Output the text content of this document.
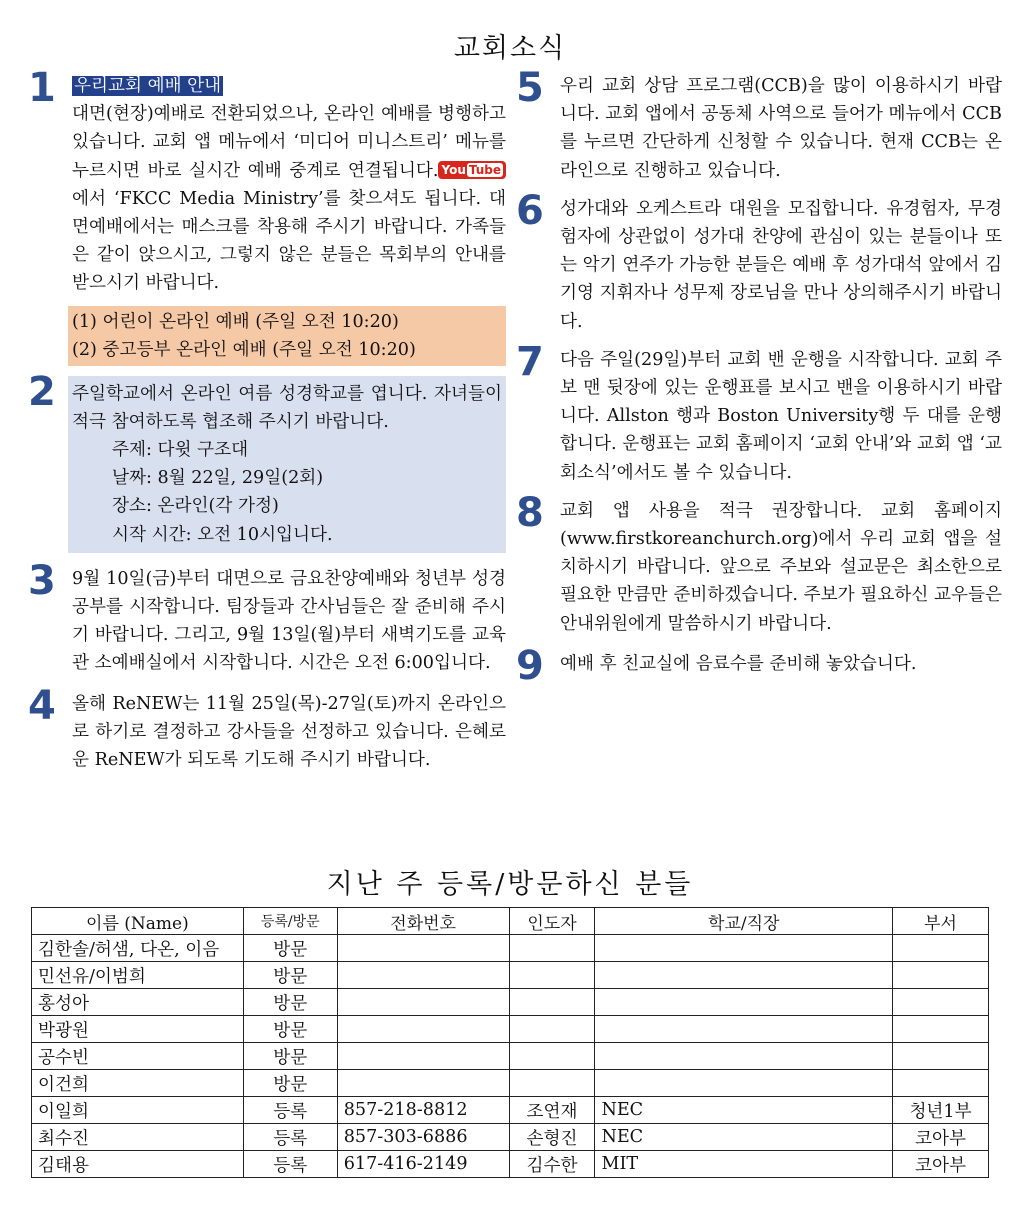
교회소식
1 우리교회 예배 안내
대면(현장)예배로 전환되었으나, 온라인 예배를 병행하고 있습니다. 교회 앱 메뉴에서 ‘미디어 미니스트리’ 메뉴를 누르시면 바로 실시간 예배 중계로 연결됩니다. You Tube에서 ‘FKCC Media Ministry’를 찾으셔도 됩니다. 대면예배에서는 매스크를 착용해 주시기 바랍니다. 가족들은 같이 앉으시고, 그렇지 않은 분들은 목회부의 안내를 받으시기 바랍니다.
(1) 어린이 온라인 예배 (주일 오전 10:20)
(2) 중고등부 온라인 예배 (주일 오전 10:20)
2 주일학교에서 온라인 여름 성경학교를 엽니다. 자녀들이 적극 참여하도록 협조해 주시기 바랍니다.
주제: 다윗 구조대
날짜: 8월 22일, 29일(2회)
장소: 온라인(각 가정)
시작 시간: 오전 10시입니다.
3 9월 10일(금)부터 대면으로 금요찬양예배와 청년부 성경공부를 시작합니다. 팀장들과 간사님들은 잘 준비해 주시기 바랍니다. 그리고, 9월 13일(월)부터 새벽기도를 교육관 소예배실에서 시작합니다. 시간은 오전 6:00입니다.
4 올해 ReNEW는 11월 25일(목)-27일(토)까지 온라인으로 하기로 결정하고 강사들을 선정하고 있습니다. 은혜로운 ReNEW가 되도록 기도해 주시기 바랍니다.
5 우리 교회 상담 프로그램(CCB)을 많이 이용하시기 바랍니다. 교회 앱에서 공동체 사역으로 들어가 메뉴에서 CCB를 누르면 간단하게 신청할 수 있습니다. 현재 CCB는 온라인으로 진행하고 있습니다.
6 성가대와 오케스트라 대원을 모집합니다. 유경험자, 무경험자에 상관없이 성가대 찬양에 관심이 있는 분들이나 또는 악기 연주가 가능한 분들은 예배 후 성가대석 앞에서 김기영 지휘자나 성무제 장로님을 만나 상의해주시기 바랍니다.
7 다음 주일(29일)부터 교회 밴 운행을 시작합니다. 교회 주보 맨 뒷장에 있는 운행표를 보시고 밴을 이용하시기 바랍니다. Allston 행과 Boston University행 두 대를 운행합니다. 운행표는 교회 홈페이지 ‘교회 안내’와 교회 앱 ‘교회소식’에서도 볼 수 있습니다.
8 교회 앱 사용을 적극 권장합니다. 교회 홈페이지(www.firstkoreanchurch.org)에서 우리 교회 앱을 설치하시기 바랍니다. 앞으로 주보와 설교문은 최소한으로 필요한 만큼만 준비하겠습니다. 주보가 필요하신 교우들은 안내위원에게 말씀하시기 바랍니다.
9 예배 후 친교실에 음료수를 준비해 놓았습니다.
지난 주 등록/방문하신 분들
이름 (Name)	등록/방문	전화번호	인도자	학교/직장	부서
김한솔/허샘, 다온, 이음	방문				
민선유/이범희	방문				
홍성아	방문				
박광원	방문				
공수빈	방문				
이건희	방문				
이일희	등록	857-218-8812	조연재	NEC	청년1부
최수진	등록	857-303-6886	손형진	NEC	코아부
김태용	등록	617-416-2149	김수한	MIT	코아부
